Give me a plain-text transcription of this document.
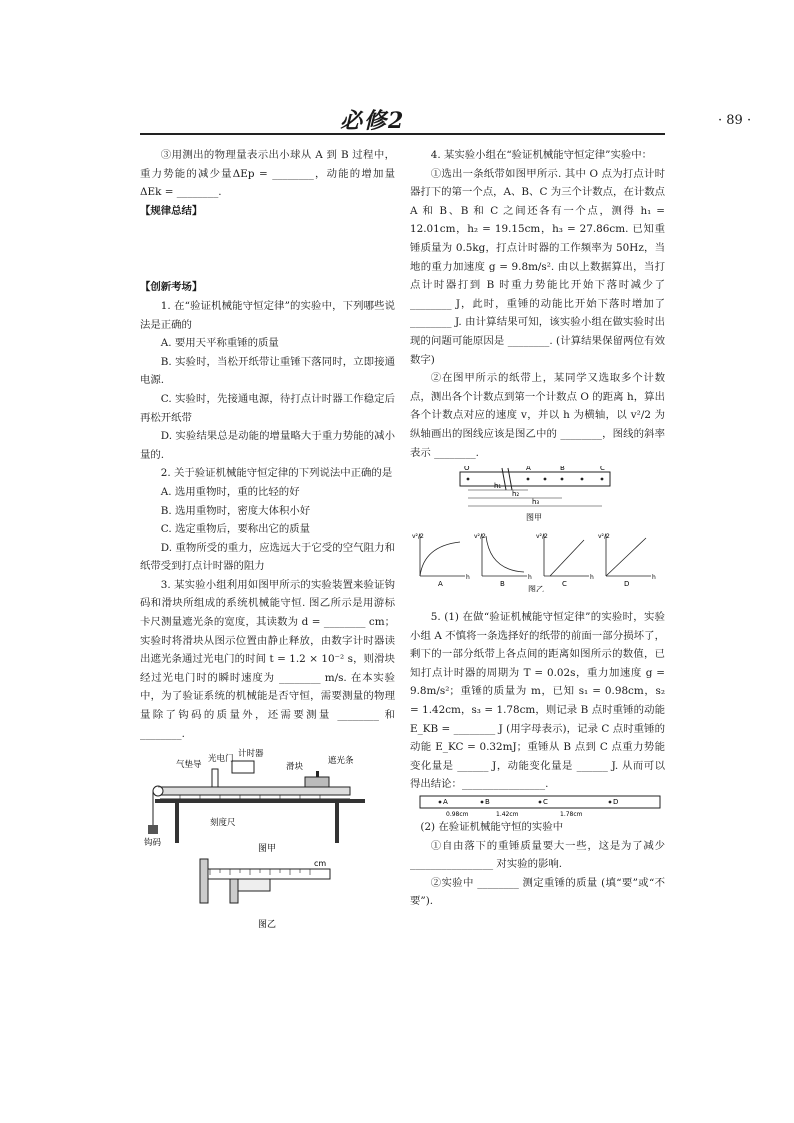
必修2	· 89 ·

③用测出的物理量表示出小球从 A 到 B 过程中，重力势能的减少量ΔEp = ________，动能的增加量ΔEk = ________.

【规律总结】

【创新考场】

1. 在“验证机械能守恒定律”的实验中，下列哪些说法是正确的

A. 要用天平称重锤的质量

B. 实验时，当松开纸带让重锤下落同时，立即接通电源.

C. 实验时，先接通电源，待打点计时器工作稳定后再松开纸带

D. 实验结果总是动能的增量略大于重力势能的减小量的.

2. 关于验证机械能守恒定律的下列说法中正确的是

A. 选用重物时，重的比轻的好

B. 选用重物时，密度大体积小好

C. 选定重物后，要称出它的质量

D. 重物所受的重力，应选远大于它受的空气阻力和纸带受到打点计时器的阻力

3. 某实验小组利用如图甲所示的实验装置来验证钩码和滑块所组成的系统机械能守恒. 图乙所示是用游标卡尺测量遮光条的宽度，其读数为 d = ________ cm；实验时将滑块从图示位置由静止释放，由数字计时器读出遮光条通过光电门的时间 t = 1.2 × 10⁻² s，则滑块经过光电门时的瞬时速度为 ________ m/s. 在本实验中，为了验证系统的机械能是否守恒，需要测量的物理量除了钩码的质量外，还需要测量 ________ 和 ________.

气垫导
光电门 计时器
滑块
遮光条
钩码
刻度尺
图甲
cm
图乙

4. 某实验小组在“验证机械能守恒定律”实验中：

①选出一条纸带如图甲所示. 其中 O 点为打点计时器打下的第一个点，A、B、C 为三个计数点，在计数点 A 和 B、B 和 C 之间还各有一个点，测得 h₁ = 12.01cm，h₂ = 19.15cm，h₃ = 27.86cm. 已知重锤质量为 0.5kg，打点计时器的工作频率为 50Hz，当地的重力加速度 g = 9.8m/s². 由以上数据算出，当打点计时器打到 B 时重力势能比开始下落时减少了 ________ J，此时，重锤的动能比开始下落时增加了 ________ J. 由计算结果可知，该实验小组在做实验时出现的问题可能原因是 ________. (计算结果保留两位有效数字)

②在图甲所示的纸带上，某同学又选取多个计数点，测出各个计数点到第一个计数点 O 的距离 h，算出各个计数点对应的速度 v，并以 h 为横轴，以 v²/2 为纵轴画出的图线应该是图乙中的 ________，图线的斜率表示 ________.

O	A	B	C
h₁
h₂
h₃
图甲
v²/2	v²/2	v²/2	v²/2
h	h	h	h
A	B	C	D
图乙

5. (1) 在做“验证机械能守恒定律”的实验时，实验小组 A 不慎将一条选择好的纸带的前面一部分损坏了，剩下的一部分纸带上各点间的距离如图所示的数值，已知打点计时器的周期为 T = 0.02s，重力加速度 g = 9.8m/s²；重锤的质量为 m，已知 s₁ = 0.98cm，s₂ = 1.42cm，s₃ = 1.78cm，则记录 B 点时重锤的动能 E_KB = ________ J (用字母表示)，记录 C 点时重锤的动能 E_KC = 0.32mJ；重锤从 B 点到 C 点重力势能变化量是 ______ J，动能变化量是 ______ J. 从而可以得出结论：________________.

A	B	C	D
0.98cm	1.42cm	1.78cm

(2) 在验证机械能守恒的实验中

①自由落下的重锤质量要大一些，这是为了减少 ________________ 对实验的影响.

②实验中 ________ 测定重锤的质量 (填“要”或“不要”).
